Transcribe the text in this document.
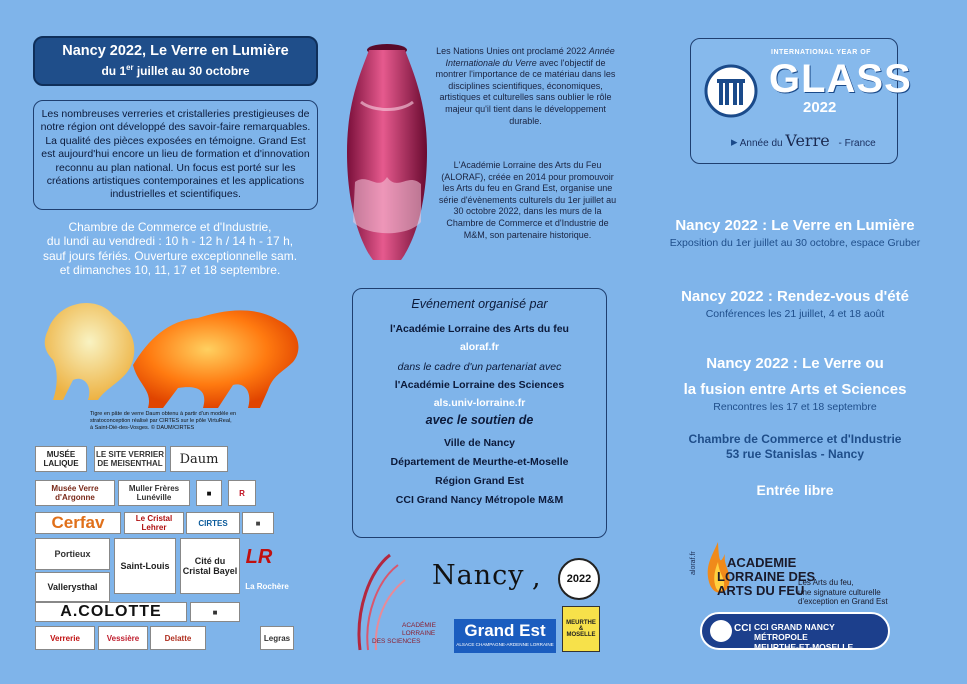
Nancy 2022, Le Verre en Lumière
du 1er juillet au 30 octobre
Les nombreuses verreries et cristalleries prestigieuses de notre région ont développé des savoir-faire remarquables. La qualité des pièces exposées en témoigne. Grand Est est aujourd'hui encore un lieu de formation et d'innovation reconnu au plan national. Un focus est porté sur les créations artistiques contemporaines et les applications industrielles et scientifiques.
Chambre de Commerce et d'Industrie,
du lundi au vendredi : 10 h - 12 h / 14 h - 17 h,
sauf jours fériés. Ouverture exceptionnelle sam.
et dimanches 10, 11, 17 et 18 septembre.
Tigre en pâte de verre Daum obtenu à partir d'un modèle en
stratoconception réalisé par CIRTES sur le pôle VirtuReal,
à Saint-Dié-des-Vosges. © DAUM/CIRTES
MUSÉE LALIQUE
LE SITE VERRIER DE MEISENTHAL	Daum
Musée Verre d'Argonne
Muller Frères Lunéville	■	R
Cerfav	Le Cristal Lehrer	CIRTES	■
Portieux
Saint-Louis	Cité du Cristal Bayel
LR
La Rochère
Vallerysthal
A.COLOTTE	■
Verrerie	Vessière	Delatte	Legras
Les Nations Unies ont proclamé 2022 Année Internationale du Verre avec l'objectif de montrer l'importance de ce matériau dans les disciplines scientifiques, économiques, artistiques et culturelles sans oublier le rôle majeur qu'il tient dans le développement durable.
L'Académie Lorraine des Arts du Feu (ALORAF), créée en 2014 pour promouvoir les Arts du feu en Grand Est, organise une série d'évènements culturels du 1er juillet au 30 octobre 2022, dans les murs de la Chambre de Commerce et d'Industrie de M&M, son partenaire historique.
Evénement organisé par
l'Académie Lorraine des Arts du feu
aloraf.fr
dans le cadre d'un partenariat avec
l'Académie Lorraine des Sciences
als.univ-lorraine.fr
avec le soutien de
Ville de Nancy
Département de Meurthe-et-Moselle
Région Grand Est
CCI Grand Nancy Métropole M&M
ACADÉMIE
LORRAINE
DES SCIENCES
Nancy , 2022
Grand Est
ALSACE CHAMPAGNE-ARDENNE LORRAINE
MEURTHE & MOSELLE
INTERNATIONAL YEAR OF
GLASS
2022
▸ Année du Verre - France
Nancy 2022 : Le Verre en Lumière
Exposition du 1er juillet au 30 octobre, espace Gruber
Nancy 2022 : Rendez-vous d'été
Conférences les 21 juillet, 4 et 18 août
Nancy 2022 : Le Verre ou
la fusion entre Arts et Sciences
Rencontres les 17 et 18 septembre
Chambre de Commerce et d'Industrie
53 rue Stanislas - Nancy
Entrée libre
aloraf.fr	ACADEMIE
LORRAINE DES
ARTS DU FEU
Les Arts du feu,
une signature culturelle
d'exception en Grand Est
CCI CCI GRAND NANCY MÉTROPOLE
MEURTHE-ET-MOSELLE
